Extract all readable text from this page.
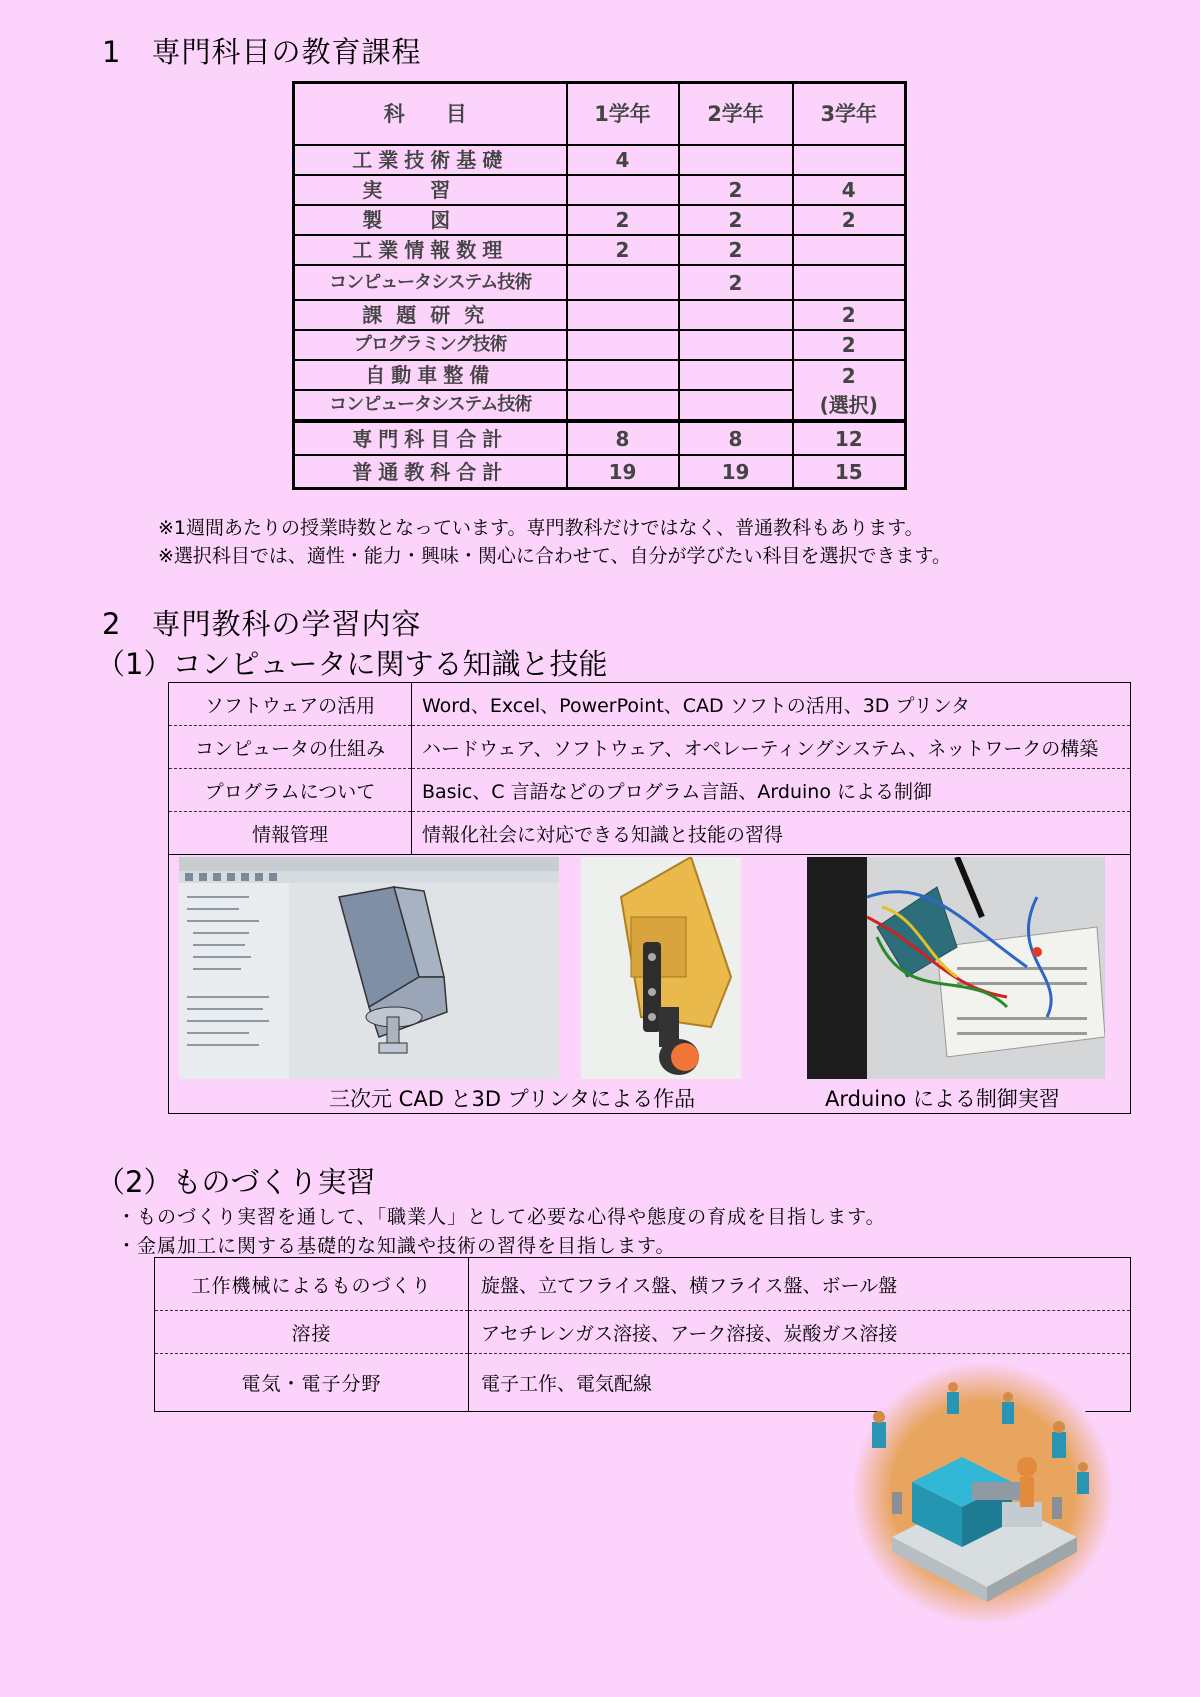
1　専門科目の教育課程
科　目	1学年	2学年	3学年
工業技術基礎	4		
実習		2	4
製図	2	2	2
工業情報数理	2	2	
コンピュータシステム技術		2	
課題研究			2
プログラミング技術			2
自動車整備			2
コンピュータシステム技術			(選択)
専門科目合計	8	8	12
普通教科合計	19	19	15
※1週間あたりの授業時数となっています。専門教科だけではなく、普通教科もあります。
※選択科目では、適性・能力・興味・関心に合わせて、自分が学びたい科目を選択できます。
2　専門教科の学習内容
（1）コンピュータに関する知識と技能
ソフトウェアの活用	Word、Excel、PowerPoint、CAD ソフトの活用、3D プリンタ
コンピュータの仕組み	ハードウェア、ソフトウェア、オペレーティングシステム、ネットワークの構築
プログラムについて	Basic、C 言語などのプログラム言語、Arduino による制御
情報管理	情報化社会に対応できる知識と技能の習得
三次元 CAD と3D プリンタによる作品	Arduino による制御実習
（2）ものづくり実習
・ものづくり実習を通して、「職業人」として必要な心得や態度の育成を目指します。
・金属加工に関する基礎的な知識や技術の習得を目指します。
工作機械によるものづくり	旋盤、立てフライス盤、横フライス盤、ボール盤
溶接	アセチレンガス溶接、アーク溶接、炭酸ガス溶接
電気・電子分野	電子工作、電気配線
